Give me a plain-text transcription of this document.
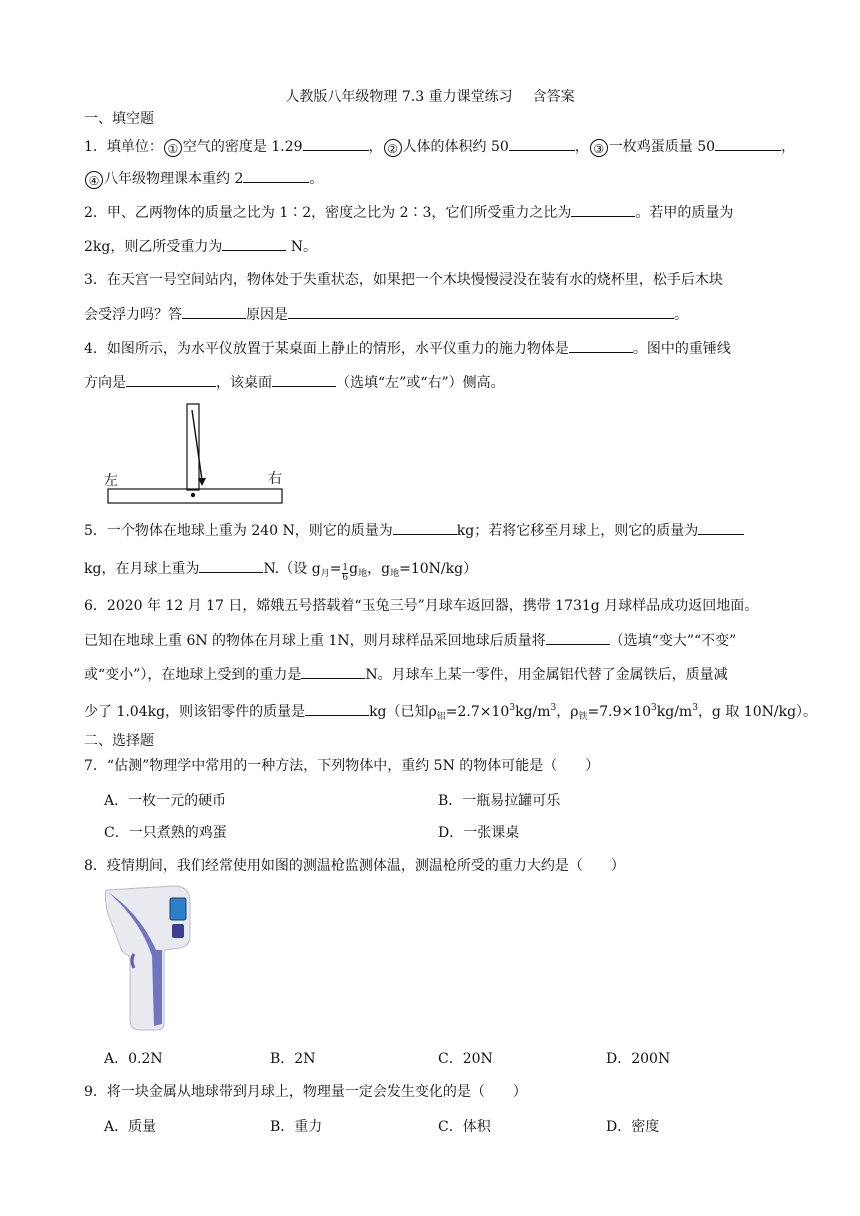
人教版八年级物理 7.3 重力课堂练习 含答案
一、填空题
1．填单位： ① 空气的密度是 1.29	， ② 人体的体积约 50	， ③ 一枚鸡蛋质量 50	，
④ 八年级物理课本重约 2	。
2．甲、乙两物体的质量之比为 1∶2，密度之比为 2∶3，它们所受重力之比为	。若甲的质量为
2kg，则乙所受重力为	N。
3．在天宫一号空间站内，物体处于失重状态，如果把一个木块慢慢浸没在装有水的烧杯里，松手后木块
会受浮力吗？答	原因是	。
4．如图所示，为水平仪放置于某桌面上静止的情形，水平仪重力的施力物体是	。图中的重锤线
方向是	，该桌面	（选填“左”或“右”）侧高。
左	右
5．一个物体在地球上重为 240 N，则它的质量为	kg；若将它移至月球上，则它的质量为
kg，在月球上重为	N.（设 $g_月= \frac{1}{6} g_地$，$g_地=10N/kg$）
6．2020 年 12 月 17 日，嫦娥五号搭载着“玉兔三号”月球车返回器，携带 1731g 月球样品成功返回地面。
已知在地球上重 6N 的物体在月球上重 1N，则月球样品采回地球后质量将	（选填“变大”“不变”
或“变小”），在地球上受到的重力是	N。月球车上某一零件，用金属铝代替了金属铁后，质量减
少了 1.04kg，则该铝零件的质量是	kg（已知$\rho_铝=2.7\times 10^3kg/m^3$，$\rho_铁=7.9\times 10^3kg/m^3$，g 取 10N/kg）。
二、选择题
7．“估测”物理学中常用的一种方法，下列物体中，重约 5N 的物体可能是（　　）
A．一枚一元的硬币	B．一瓶易拉罐可乐
C．一只煮熟的鸡蛋	D．一张课桌
8．疫情期间，我们经常使用如图的测温枪监测体温，测温枪所受的重力大约是（　　）
A．0.2N	B．2N	C．20N	D．200N
9．将一块金属从地球带到月球上，物理量一定会发生变化的是（　　）
A．质量	B．重力	C．体积	D．密度
